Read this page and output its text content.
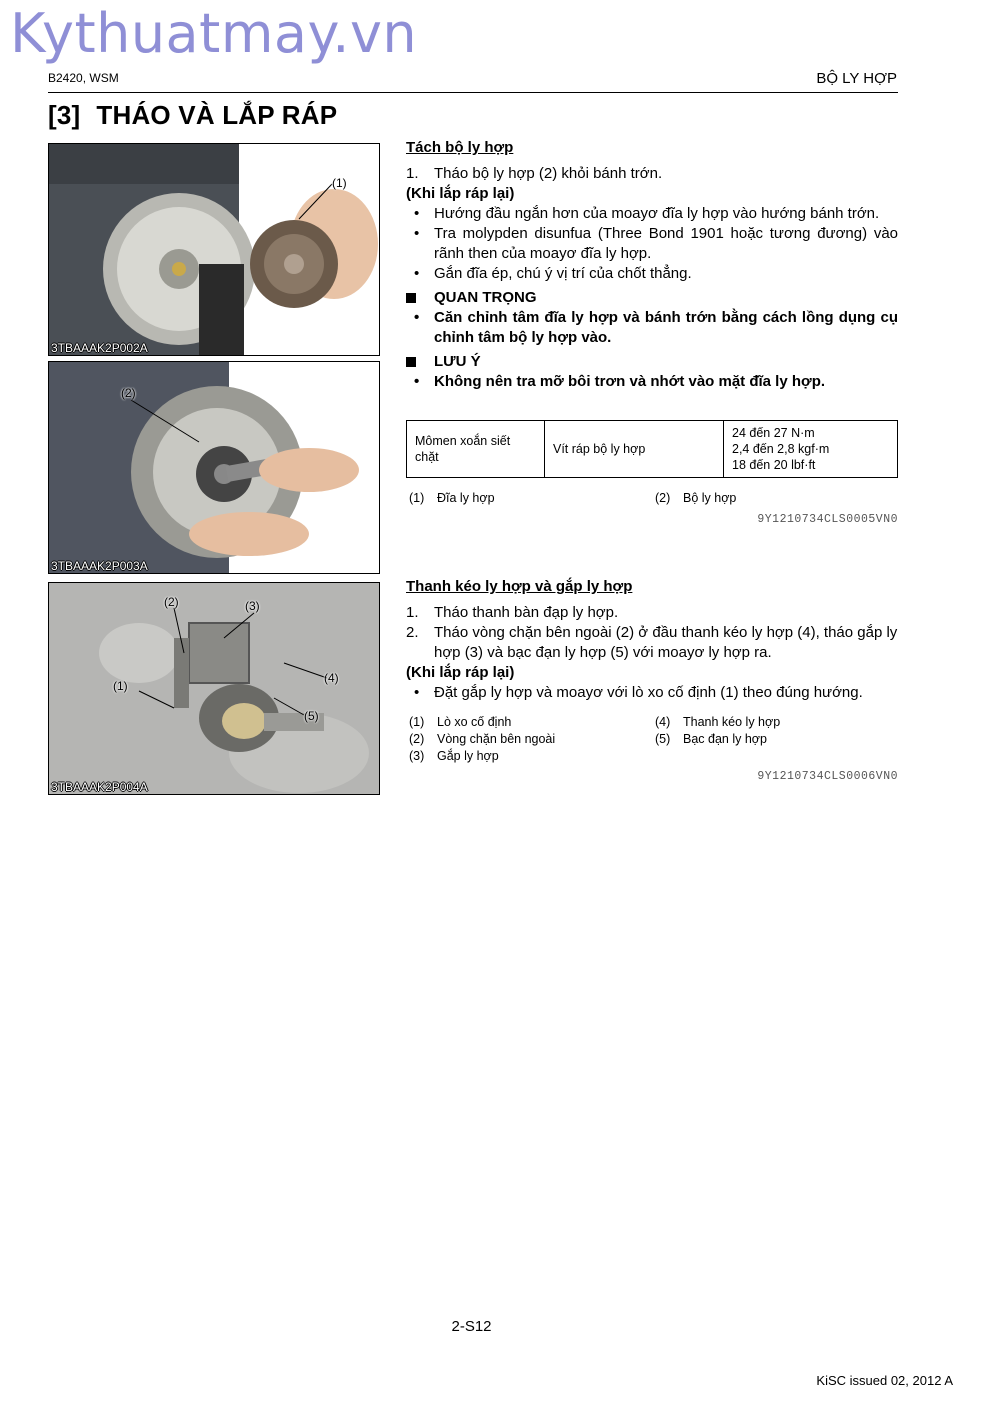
Kythuatmay.vn
B2420, WSM	BỘ LY HỢP
[3] THÁO VÀ LẮP RÁP
(1)
3TBAAAK2P002A
(2)
3TBAAAK2P003A
(2)	(3)
(1)
(4)
(5)
3TBAAAK2P004A
Tách bộ ly hợp
1. Tháo bộ ly hợp (2) khỏi bánh trớn.
(Khi lắp ráp lại)
• Hướng đầu ngắn hơn của moayơ đĩa ly hợp vào hướng bánh trớn.
• Tra molypden disunfua (Three Bond 1901 hoặc tương đương) vào rãnh then của moayơ đĩa ly hợp.
• Gắn đĩa ép, chú ý vị trí của chốt thẳng.
QUAN TRỌNG
• Căn chỉnh tâm đĩa ly hợp và bánh trớn bằng cách lồng dụng cụ chỉnh tâm bộ ly hợp vào.
LƯU Ý
• Không nên tra mỡ bôi trơn và nhớt vào mặt đĩa ly hợp.
Mômen xoắn siết chặt	Vít ráp bộ ly hợp	
24 đến 27 N·m
2,4 đến 2,8 kgf·m
18 đến 20 lbf·ft
(1) Đĩa ly hợp	(2) Bộ ly hợp
9Y1210734CLS0005VN0
Thanh kéo ly hợp và gắp ly hợp
1. Tháo thanh bàn đạp ly hợp.
2. Tháo vòng chặn bên ngoài (2) ở đầu thanh kéo ly hợp (4), tháo gắp ly hợp (3) và bạc đạn ly hợp (5) với moayơ ly hợp ra.
(Khi lắp ráp lại)
• Đặt gắp ly hợp và moayơ với lò xo cố định (1) theo đúng hướng.
(1) Lò xo cố định
(2) Vòng chặn bên ngoài
(3) Gắp ly hợp
(4) Thanh kéo ly hợp
(5) Bạc đạn ly hợp
9Y1210734CLS0006VN0
2-S12
KiSC issued 02, 2012 A
